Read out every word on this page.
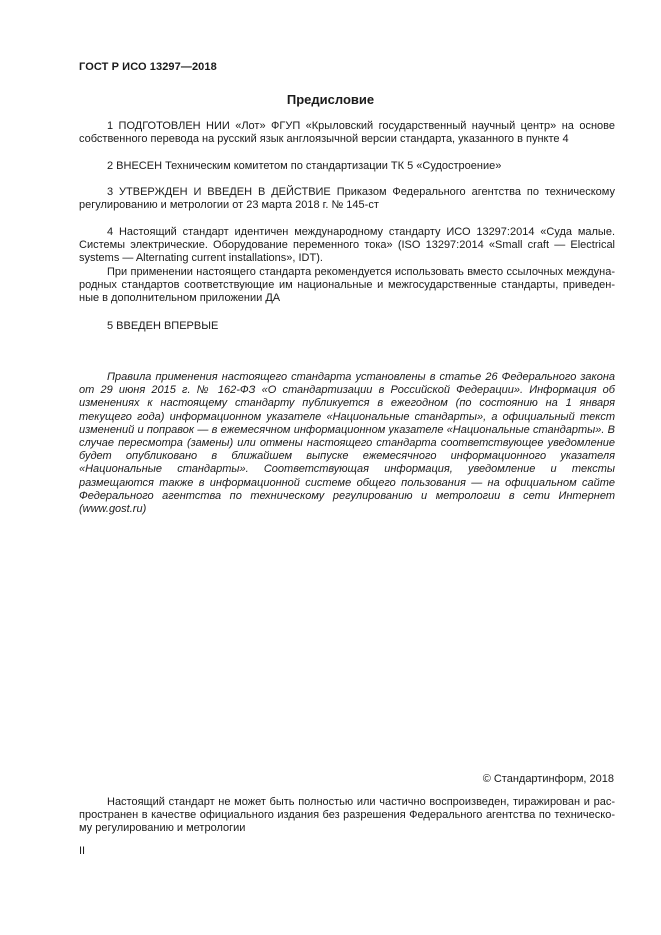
ГОСТ Р ИСО 13297—2018
Предисловие

1 ПОДГОТОВЛЕН НИИ «Лот» ФГУП «Крыловский государственный научный центр» на основе собственного перевода на русский язык англоязычной версии стандарта, указанного в пункте 4

2 ВНЕСЕН Техническим комитетом по стандартизации ТК 5 «Судостроение»

3 УТВЕРЖДЕН И ВВЕДЕН В ДЕЙСТВИЕ Приказом Федерального агентства по техническому регулированию и метрологии от 23 марта 2018 г. № 145-ст

4 Настоящий стандарт идентичен международному стандарту ИСО 13297:2014 «Суда малые. Системы электрические. Оборудование переменного тока» (ISO 13297:2014 «Small craft — Electrical systems — Alternating current installations», IDT).

При применении настоящего стандарта рекомендуется использовать вместо ссылочных международных стандартов соответствующие им национальные и межгосударственные стандарты, приведенные в дополнительном приложении ДА

5 ВВЕДЕН ВПЕРВЫЕ

Правила применения настоящего стандарта установлены в статье 26 Федерального закона от 29 июня 2015 г. № 162-ФЗ «О стандартизации в Российской Федерации». Информация об изменениях к настоящему стандарту публикуется в ежегодном (по состоянию на 1 января текущего года) информационном указателе «Национальные стандарты», а официальный текст изменений и поправок — в ежемесячном информационном указателе «Национальные стандарты». В случае пересмотра (замены) или отмены настоящего стандарта соответствующее уведомление будет опубликовано в ближайшем выпуске ежемесячного информационного указателя «Национальные стандарты». Соответствующая информация, уведомление и тексты размещаются также в информационной системе общего пользования — на официальном сайте Федерального агентства по техническому регулированию и метрологии в сети Интернет (www.gost.ru)

© Стандартинформ, 2018

Настоящий стандарт не может быть полностью или частично воспроизведен, тиражирован и распространен в качестве официального издания без разрешения Федерального агентства по техническому регулированию и метрологии

II
